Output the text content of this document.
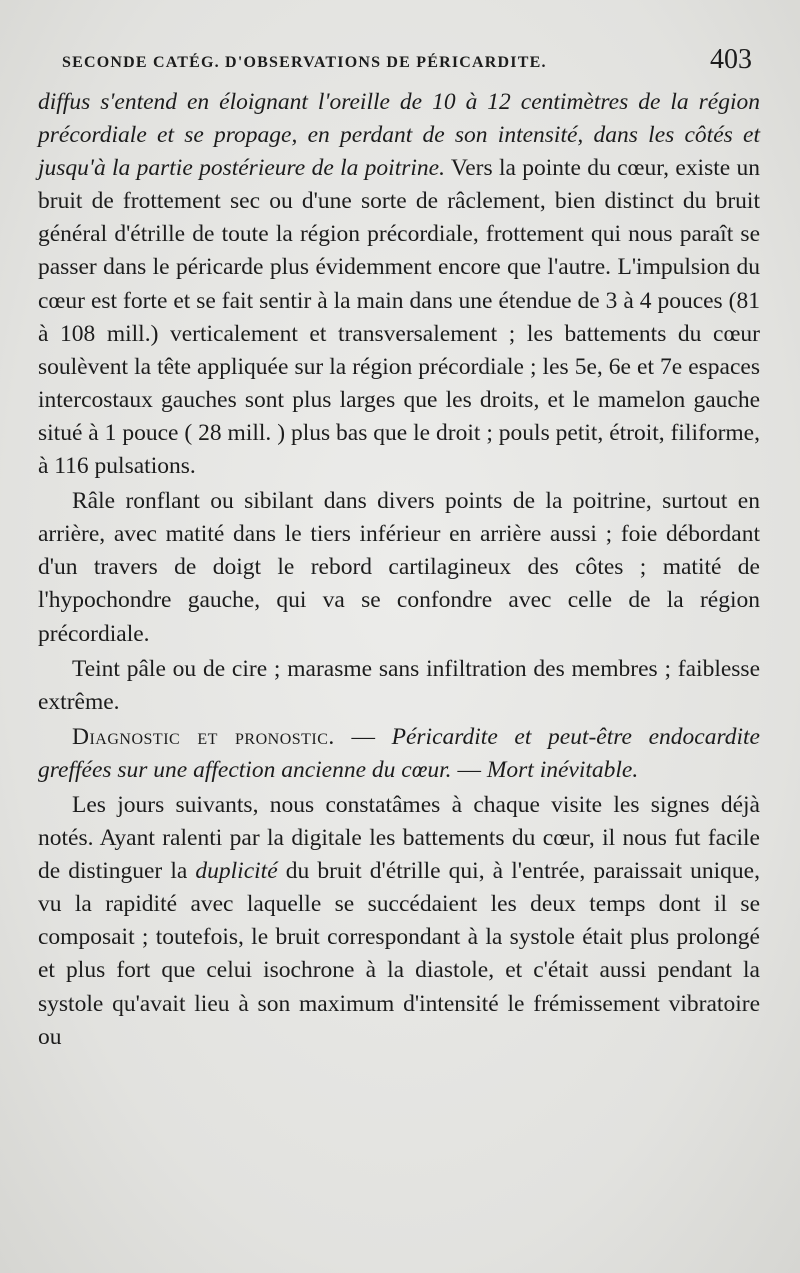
SECONDE CATÉG. D'OBSERVATIONS DE PÉRICARDITE.	403

diffus s'entend en éloignant l'oreille de 10 à 12 centimètres de la région précordiale et se propage, en perdant de son intensité, dans les côtés et jusqu'à la partie postérieure de la poitrine. Vers la pointe du cœur, existe un bruit de frottement sec ou d'une sorte de râclement, bien distinct du bruit général d'étrille de toute la région précordiale, frottement qui nous paraît se passer dans le péricarde plus évidemment encore que l'autre. L'impulsion du cœur est forte et se fait sentir à la main dans une étendue de 3 à 4 pouces (81 à 108 mill.) verticalement et transversalement ; les battements du cœur soulèvent la tête appliquée sur la région précordiale ; les 5e, 6e et 7e espaces intercostaux gauches sont plus larges que les droits, et le mamelon gauche situé à 1 pouce ( 28 mill. ) plus bas que le droit ; pouls petit, étroit, filiforme, à 116 pulsations.

Râle ronflant ou sibilant dans divers points de la poitrine, surtout en arrière, avec matité dans le tiers inférieur en arrière aussi ; foie débordant d'un travers de doigt le rebord cartilagineux des côtes ; matité de l'hypochondre gauche, qui va se confondre avec celle de la région précordiale.

Teint pâle ou de cire ; marasme sans infiltration des membres ; faiblesse extrême.

Diagnostic et pronostic. — Péricardite et peut-être endocardite greffées sur une affection ancienne du cœur. — Mort inévitable.

Les jours suivants, nous constatâmes à chaque visite les signes déjà notés. Ayant ralenti par la digitale les battements du cœur, il nous fut facile de distinguer la duplicité du bruit d'étrille qui, à l'entrée, paraissait unique, vu la rapidité avec laquelle se succédaient les deux temps dont il se composait ; toutefois, le bruit correspondant à la systole était plus prolongé et plus fort que celui isochrone à la diastole, et c'était aussi pendant la systole qu'avait lieu à son maximum d'intensité le frémissement vibratoire ou
